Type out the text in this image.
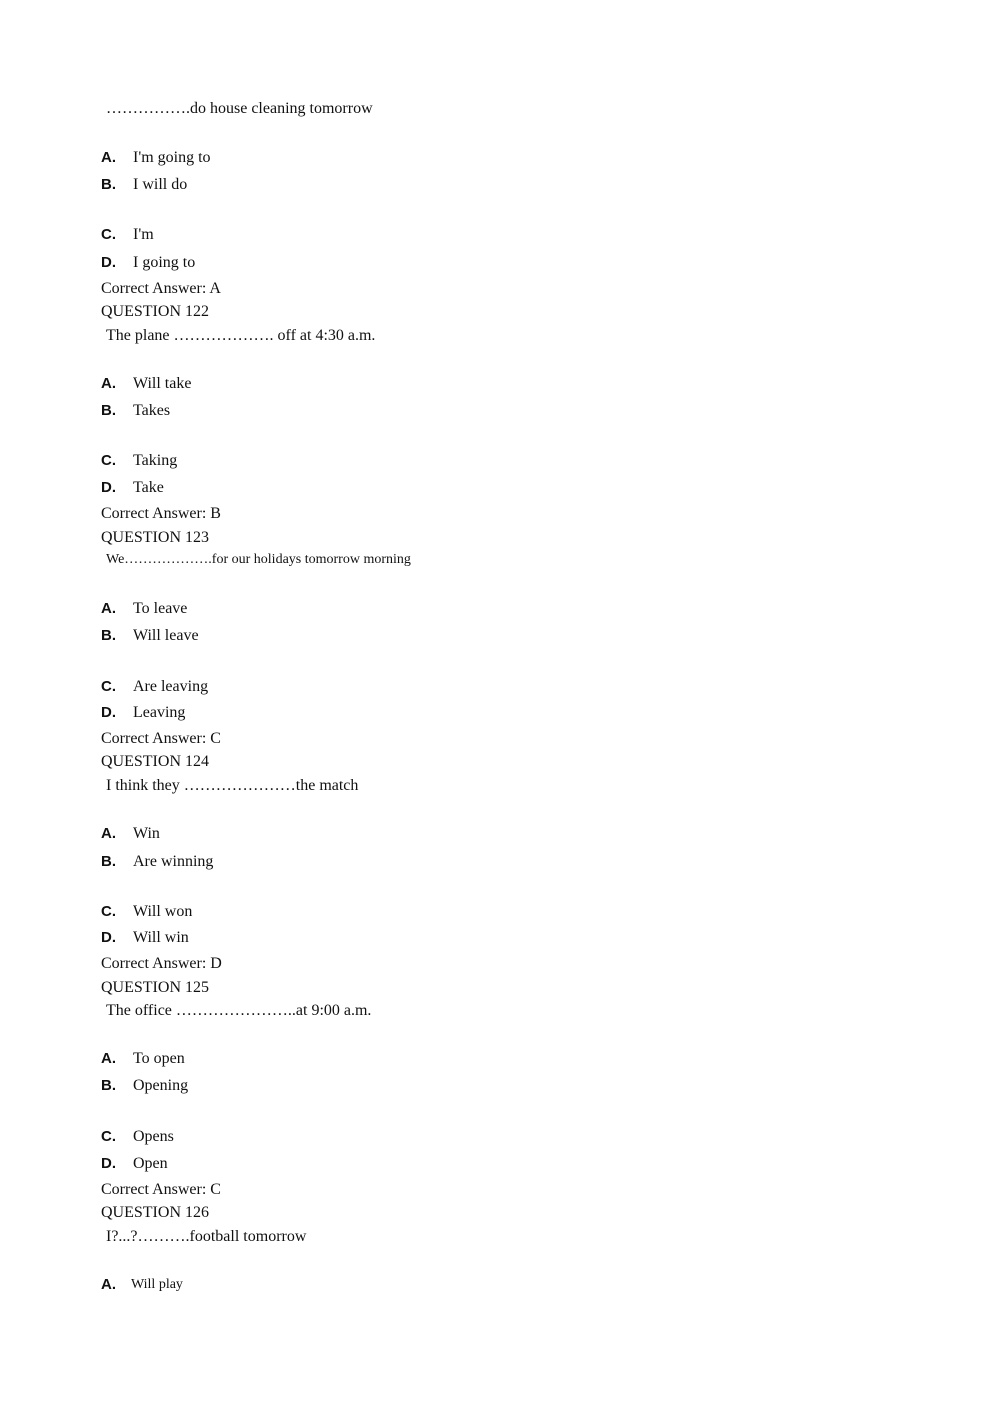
…………….do house cleaning tomorrow
A. I'm going to
B. I will do
C. I'm
D. I going to
Correct Answer: A
QUESTION 122
The plane ………………. off at 4:30 a.m.
A. Will take
B. Takes
C. Taking
D. Take
Correct Answer: B
QUESTION 123
We……………….for our holidays tomorrow morning
A. To leave
B. Will leave
C. Are leaving
D. Leaving
Correct Answer: C
QUESTION 124
I think they …………………the match
A. Win
B. Are winning
C. Will won
D. Will win
Correct Answer: D
QUESTION 125
The office …………………..at 9:00 a.m.
A. To open
B. Opening
C. Opens
D. Open
Correct Answer: C
QUESTION 126
I?...?……….football tomorrow
A. Will play
